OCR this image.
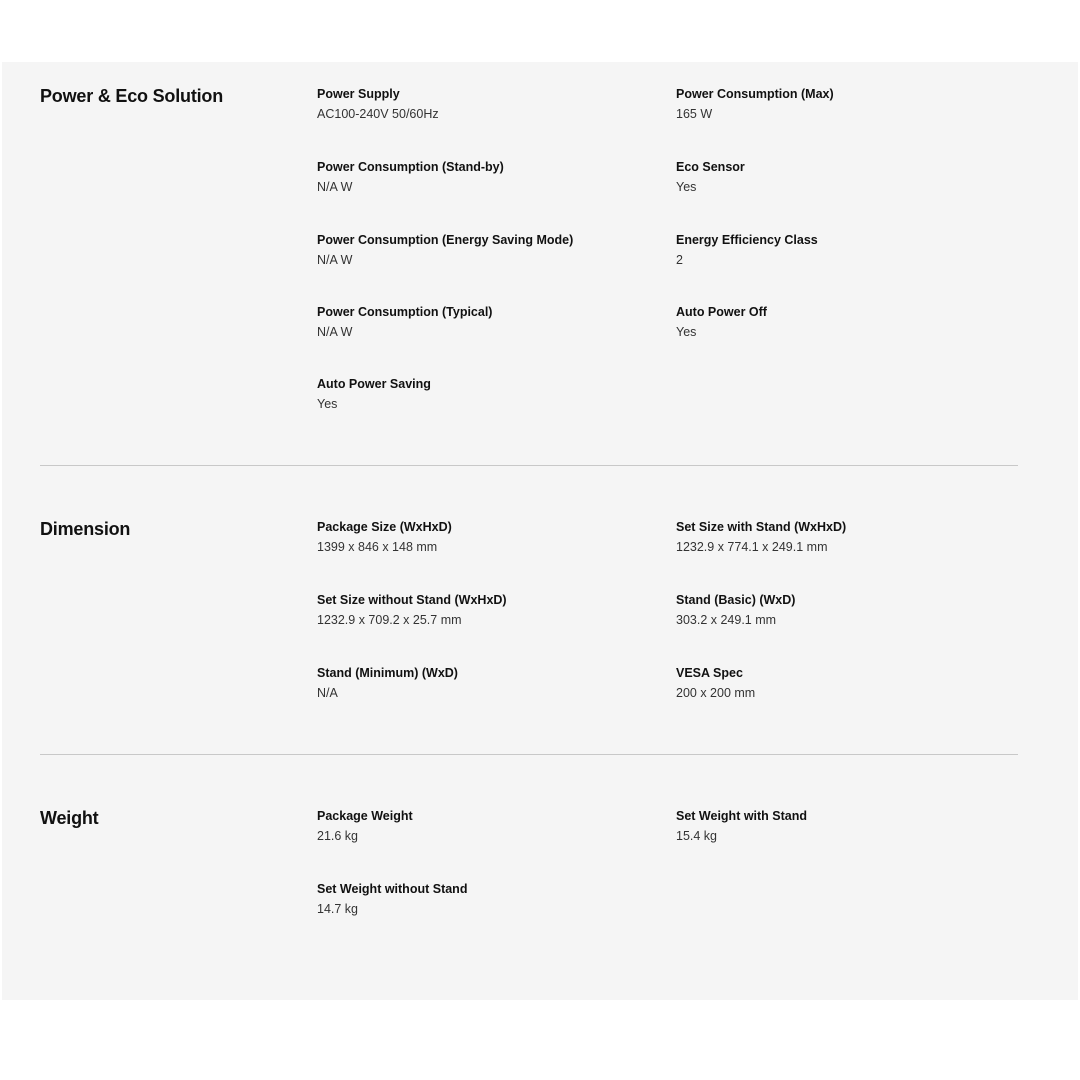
Power & Eco Solution	Power Supply
AC100-240V 50/60Hz
Power Consumption (Max)
165 W
Power Consumption (Stand-by)
N/A W
Eco Sensor
Yes
Power Consumption (Energy Saving Mode)
N/A W
Energy Efficiency Class
2
Power Consumption (Typical)
N/A W
Auto Power Off
Yes
Auto Power Saving
Yes
Dimension	Package Size (WxHxD)
1399 x 846 x 148 mm
Set Size with Stand (WxHxD)
1232.9 x 774.1 x 249.1 mm
Set Size without Stand (WxHxD)
1232.9 x 709.2 x 25.7 mm
Stand (Basic) (WxD)
303.2 x 249.1 mm
Stand (Minimum) (WxD)
N/A
VESA Spec
200 x 200 mm
Weight	Package Weight
21.6 kg
Set Weight with Stand
15.4 kg
Set Weight without Stand
14.7 kg
